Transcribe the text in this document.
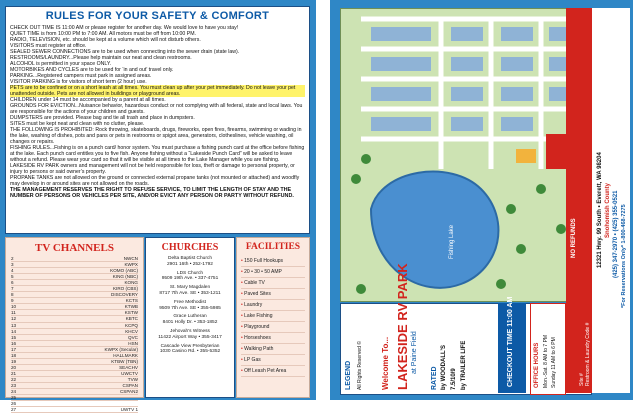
RULES FOR YOUR SAFETY & COMFORT

CHECK OUT TIME IS 11:00 AM or please register for another day. We would love to have you stay!

QUIET TIME is from 10:00 PM to 7:00 AM. All motors must be off from 10:00 PM.

RADIO, TELEVISION, etc. should be kept at a volume which will not disturb others.

VISITORS must register at office.

SEALED SEWER CONNECTIONS are to be used when connecting into the sewer drain (state law).

RESTROOMS/LAUNDRY...Please help maintain our neat and clean restrooms.

ALCOHOL is permitted in your space ONLY.

MOTORBIKES AND CYCLES are to be used for ‘in and out’ travel only.

PARKING...Registered campers must park in assigned areas.

VISITOR PARKING is for visitors of short term (2 hour) use.

PETS are to be confined or on a short leash at all times. You must clean up after your pet immediately. Do not leave your pet unattended outside. Pets are not allowed in buildings or playground areas.

CHILDREN under 14 must be accompanied by a parent at all times.

GROUNDS FOR EVICTION...Nuisance behavior, hazardous conduct or not complying with all federal, state and local laws. You are responsible for the actions of your children and guests.

DUMPSTERS are provided. Please bag and tie all trash and place in dumpsters.

SITES must be kept neat and clean with no clutter, please.

THE FOLLOWING IS PROHIBITED: Rock throwing, skateboards, drugs, fireworks, open fires, firearms, swimming or wading in the lake, washing of dishes, pots and pans or pets in restrooms or spigot area, generators, clotheslines, vehicle washing, oil changes or repairs.

FISHING RULES...Fishing is on a punch card/ honor system. You must purchase a fishing punch card at the office before fishing at the lake. Each punch card entitles you to five fish. Anyone fishing without a “Lakeside Punch Card” will be asked to leave without a refund. Please wear your card so that it will be visible at all times to the Lake Manager while you are fishing.

LAKESIDE RV PARK owners and management will not be held responsible for loss, theft or damage to personal property, or injury to persons or said owner’s property.

PROPANE TANKS are not allowed on the ground or connected external propane tanks (not mounted or attached) and woodfly may develop in or around sites are not allowed on the roads.

THE MANAGEMENT RESERVES THE RIGHT TO REFUSE SERVICE, TO LIMIT THE LENGTH OF STAY AND THE NUMBER OF PERSONS OR VEHICLES PER SITE, AND/OR EVICT ANY PERSON OR PARTY WITHOUT REFUND.

TV CHANNELS
2	NWCN
3	KWPX
4	KOMO (ABC)
5	KING (NBC)
6	KONG
7	KIRO (CBS)
8	DISCOVERY
9	KCTS
10	KTWB
11	KSTW
12	KBTC
13	KCPQ
14	KHCV
15	QVC
16	HSN
17	KWPX (Secular)
18	HALLMARK
19	KTBW (TBN)
20	SEACHV
21	UWCTV
22	TVW
23	CSPAN
24	CSPAN2
25
26
27	UWTV 1
CHURCHES
Delta Baptist Church
2901 16th • 252-1792
LDS Church
9509 19th Ave. • 337-4751
St. Mary Magdalen
8717 7th Ave. SE • 353-1211
Free Methodist
9509 7th Ave. SE • 355-5985
Grace Lutheran
8401 Holly Dr. • 353-1852
Jehovah’s Witness
11422 Airport Way • 355-3417
Cascade View Presbyterian
1030 Casino Rd. • 355-5352
FACILITIES
• 150 Full Hookups
• 20 • 30 • 50 AMP
• Cable TV
• Paved Sites
• Laundry
• Lake Fishing
• Playground
• Horseshoes
• Walking Path
• LP Gas
• Off Leash Pet Area
Fishing Lake	12321 Hwy. 99 South • Everett, WA 98204 Snohomish County (425) 347-2970 • (425) 355-0521 *For Reservations Only* 1-800-468-7275
LEGEND All Rights Reserved © Welcome To... LAKESIDE RV PARK at Paine Field
RATED by WOODALL’S 7.5/10/9 by TRAILER LIFE	CHECKOUT TIME 11:00 AM	OFFICE HOURS Mon.-Sat. 8 AM to 7 PM Sunday 11 AM to 6 PM
NO REFUNDS
Site # Restroom & Laundry Code #
